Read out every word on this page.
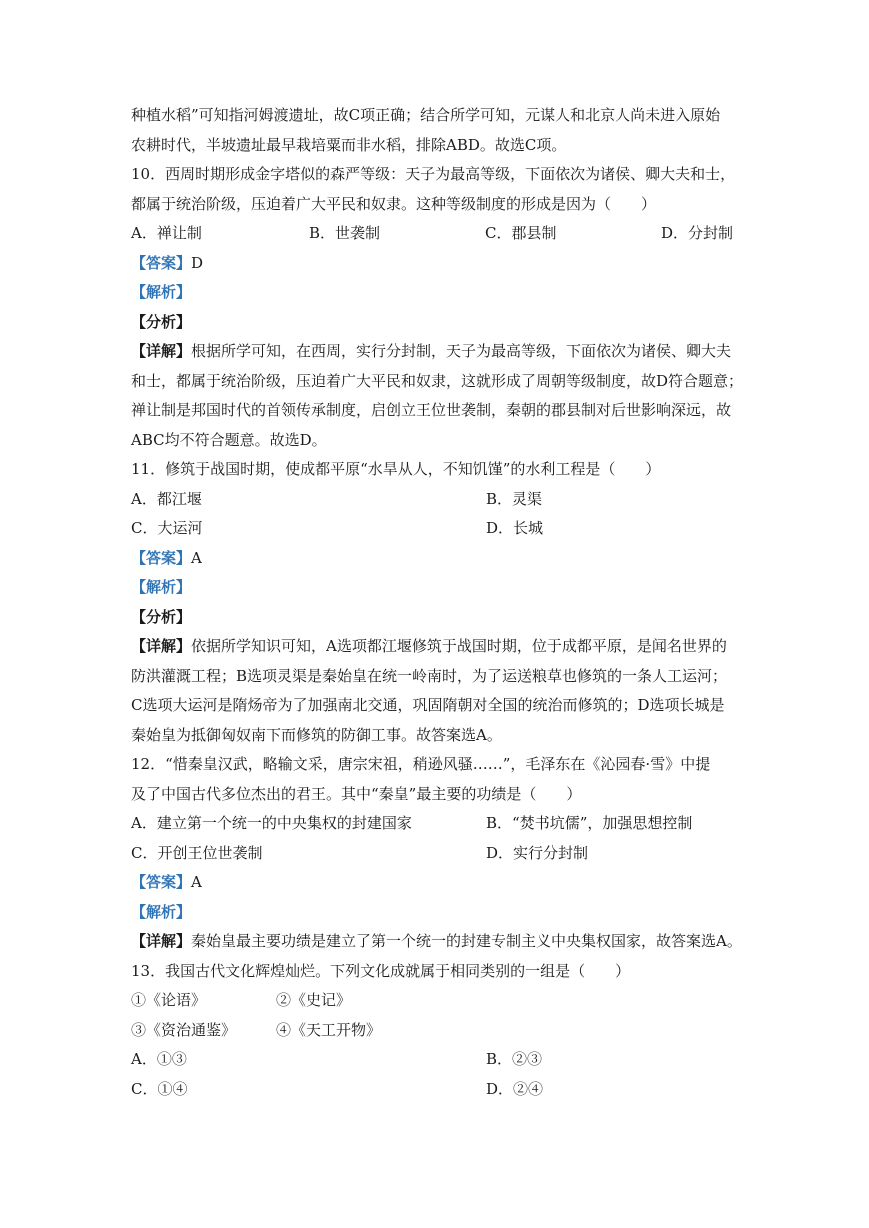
种植水稻”可知指河姆渡遗址，故C项正确；结合所学可知，元谋人和北京人尚未进入原始
农耕时代，半坡遗址最早栽培粟而非水稻，排除ABD。故选C项。
10．西周时期形成金字塔似的森严等级：天子为最高等级，下面依次为诸侯、卿大夫和士，
都属于统治阶级，压迫着广大平民和奴隶。这种等级制度的形成是因为（　　）
A．禅让制	B．世袭制	C．郡县制	D．分封制
【答案】D
【解析】
【分析】
【详解】根据所学可知，在西周，实行分封制，天子为最高等级，下面依次为诸侯、卿大夫
和士，都属于统治阶级，压迫着广大平民和奴隶，这就形成了周朝等级制度，故D符合题意；
禅让制是邦国时代的首领传承制度，启创立王位世袭制，秦朝的郡县制对后世影响深远，故
ABC均不符合题意。故选D。
11．修筑于战国时期，使成都平原“水旱从人，不知饥馑”的水利工程是（　　）
A．都江堰	B．灵渠
C．大运河	D．长城
【答案】A
【解析】
【分析】
【详解】依据所学知识可知，A选项都江堰修筑于战国时期，位于成都平原，是闻名世界的
防洪灌溉工程；B选项灵渠是秦始皇在统一岭南时，为了运送粮草也修筑的一条人工运河；
C选项大运河是隋炀帝为了加强南北交通，巩固隋朝对全国的统治而修筑的；D选项长城是
秦始皇为抵御匈奴南下而修筑的防御工事。故答案选A。
12．“惜秦皇汉武，略输文采，唐宗宋祖，稍逊风骚……”，毛泽东在《沁园春·雪》中提
及了中国古代多位杰出的君王。其中“秦皇”最主要的功绩是（　　）
A．建立第一个统一的中央集权的封建国家	B．“焚书坑儒”，加强思想控制
C．开创王位世袭制	D．实行分封制
【答案】A
【解析】
【详解】秦始皇最主要功绩是建立了第一个统一的封建专制主义中央集权国家，故答案选A。
13．我国古代文化辉煌灿烂。下列文化成就属于相同类别的一组是（　　）
①《论语》	②《史记》
③《资治通鉴》	④《天工开物》
A．①③	B．②③
C．①④	D．②④
